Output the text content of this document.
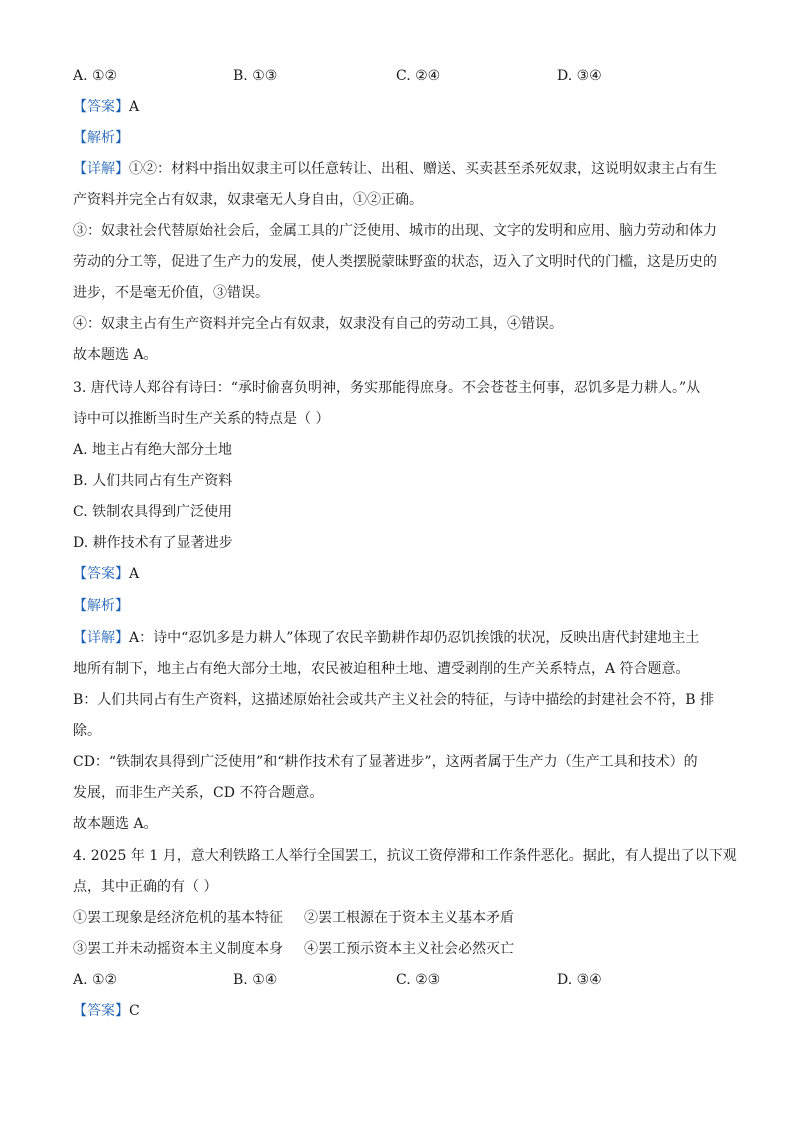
A. ①②	B. ①③	C. ②④	D. ③④
【答案】A
【解析】
【详解】①②：材料中指出奴隶主可以任意转让、出租、赠送、买卖甚至杀死奴隶，这说明奴隶主占有生
产资料并完全占有奴隶，奴隶毫无人身自由，①②正确。
③：奴隶社会代替原始社会后，金属工具的广泛使用、城市的出现、文字的发明和应用、脑力劳动和体力
劳动的分工等，促进了生产力的发展，使人类摆脱蒙昧野蛮的状态，迈入了文明时代的门槛，这是历史的
进步，不是毫无价值，③错误。
④：奴隶主占有生产资料并完全占有奴隶，奴隶没有自己的劳动工具，④错误。
故本题选 A。
3. 唐代诗人郑谷有诗曰：“承时偷喜负明神，务实那能得庶身。不会苍苍主何事，忍饥多是力耕人。”从
诗中可以推断当时生产关系的特点是（ ）
A. 地主占有绝大部分土地
B. 人们共同占有生产资料
C. 铁制农具得到广泛使用
D. 耕作技术有了显著进步
【答案】A
【解析】
【详解】A：诗中“忍饥多是力耕人”体现了农民辛勤耕作却仍忍饥挨饿的状况，反映出唐代封建地主土
地所有制下，地主占有绝大部分土地，农民被迫租种土地、遭受剥削的生产关系特点，A 符合题意。
B：人们共同占有生产资料，这描述原始社会或共产主义社会的特征，与诗中描绘的封建社会不符，B 排
除。
CD：“铁制农具得到广泛使用”和“耕作技术有了显著进步”，这两者属于生产力（生产工具和技术）的
发展，而非生产关系，CD 不符合题意。
故本题选 A。
4. 2025 年 1 月，意大利铁路工人举行全国罢工，抗议工资停滞和工作条件恶化。据此，有人提出了以下观
点，其中正确的有（ ）
①罢工现象是经济危机的基本特征 ②罢工根源在于资本主义基本矛盾
③罢工并未动摇资本主义制度本身 ④罢工预示资本主义社会必然灭亡
A. ①②	B. ①④	C. ②③	D. ③④
【答案】C
